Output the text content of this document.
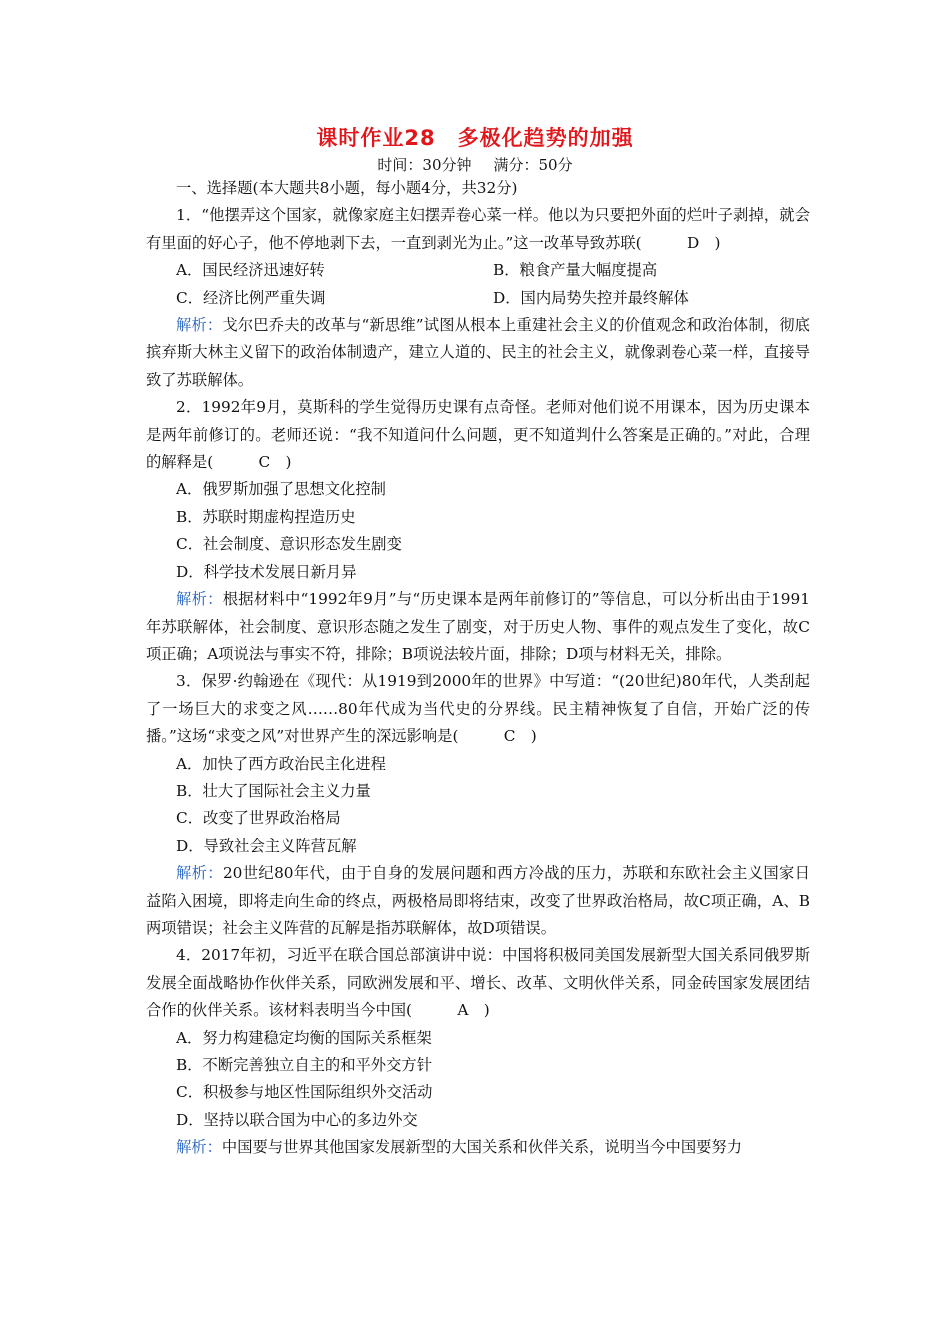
课时作业28　多极化趋势的加强
时间：30分钟 满分：50分

一、选择题(本大题共8小题，每小题4分，共32分)

1．“他摆弄这个国家，就像家庭主妇摆弄卷心菜一样。他以为只要把外面的烂叶子剥掉，就会有里面的好心子，他不停地剥下去，一直到剥光为止。”这一改革导致苏联(　D　)

A．国民经济迅速好转	B．粮食产量大幅度提高
C．经济比例严重失调	D．国内局势失控并最终解体

解析：戈尔巴乔夫的改革与“新思维”试图从根本上重建社会主义的价值观念和政治体制，彻底摈弃斯大林主义留下的政治体制遗产，建立人道的、民主的社会主义，就像剥卷心菜一样，直接导致了苏联解体。

2．1992年9月，莫斯科的学生觉得历史课有点奇怪。老师对他们说不用课本，因为历史课本是两年前修订的。老师还说：“我不知道问什么问题，更不知道判什么答案是正确的。”对此，合理的解释是(　C　)

A．俄罗斯加强了思想文化控制

B．苏联时期虚构捏造历史

C．社会制度、意识形态发生剧变

D．科学技术发展日新月异

解析：根据材料中“1992年9月”与“历史课本是两年前修订的”等信息，可以分析出由于1991年苏联解体，社会制度、意识形态随之发生了剧变，对于历史人物、事件的观点发生了变化，故C项正确；A项说法与事实不符，排除；B项说法较片面，排除；D项与材料无关，排除。

3．保罗·约翰逊在《现代：从1919到2000年的世界》中写道：“(20世纪)80年代，人类刮起了一场巨大的求变之风……80年代成为当代史的分界线。民主精神恢复了自信，开始广泛的传播。”这场“求变之风”对世界产生的深远影响是(　C　)

A．加快了西方政治民主化进程

B．壮大了国际社会主义力量

C．改变了世界政治格局

D．导致社会主义阵营瓦解

解析：20世纪80年代，由于自身的发展问题和西方冷战的压力，苏联和东欧社会主义国家日益陷入困境，即将走向生命的终点，两极格局即将结束，改变了世界政治格局，故C项正确，A、B两项错误；社会主义阵营的瓦解是指苏联解体，故D项错误。

4．2017年初，习近平在联合国总部演讲中说：中国将积极同美国发展新型大国关系同俄罗斯发展全面战略协作伙伴关系，同欧洲发展和平、增长、改革、文明伙伴关系，同金砖国家发展团结合作的伙伴关系。该材料表明当今中国(　A　)

A．努力构建稳定均衡的国际关系框架

B．不断完善独立自主的和平外交方针

C．积极参与地区性国际组织外交活动

D．坚持以联合国为中心的多边外交

解析：中国要与世界其他国家发展新型的大国关系和伙伴关系，说明当今中国要努力
